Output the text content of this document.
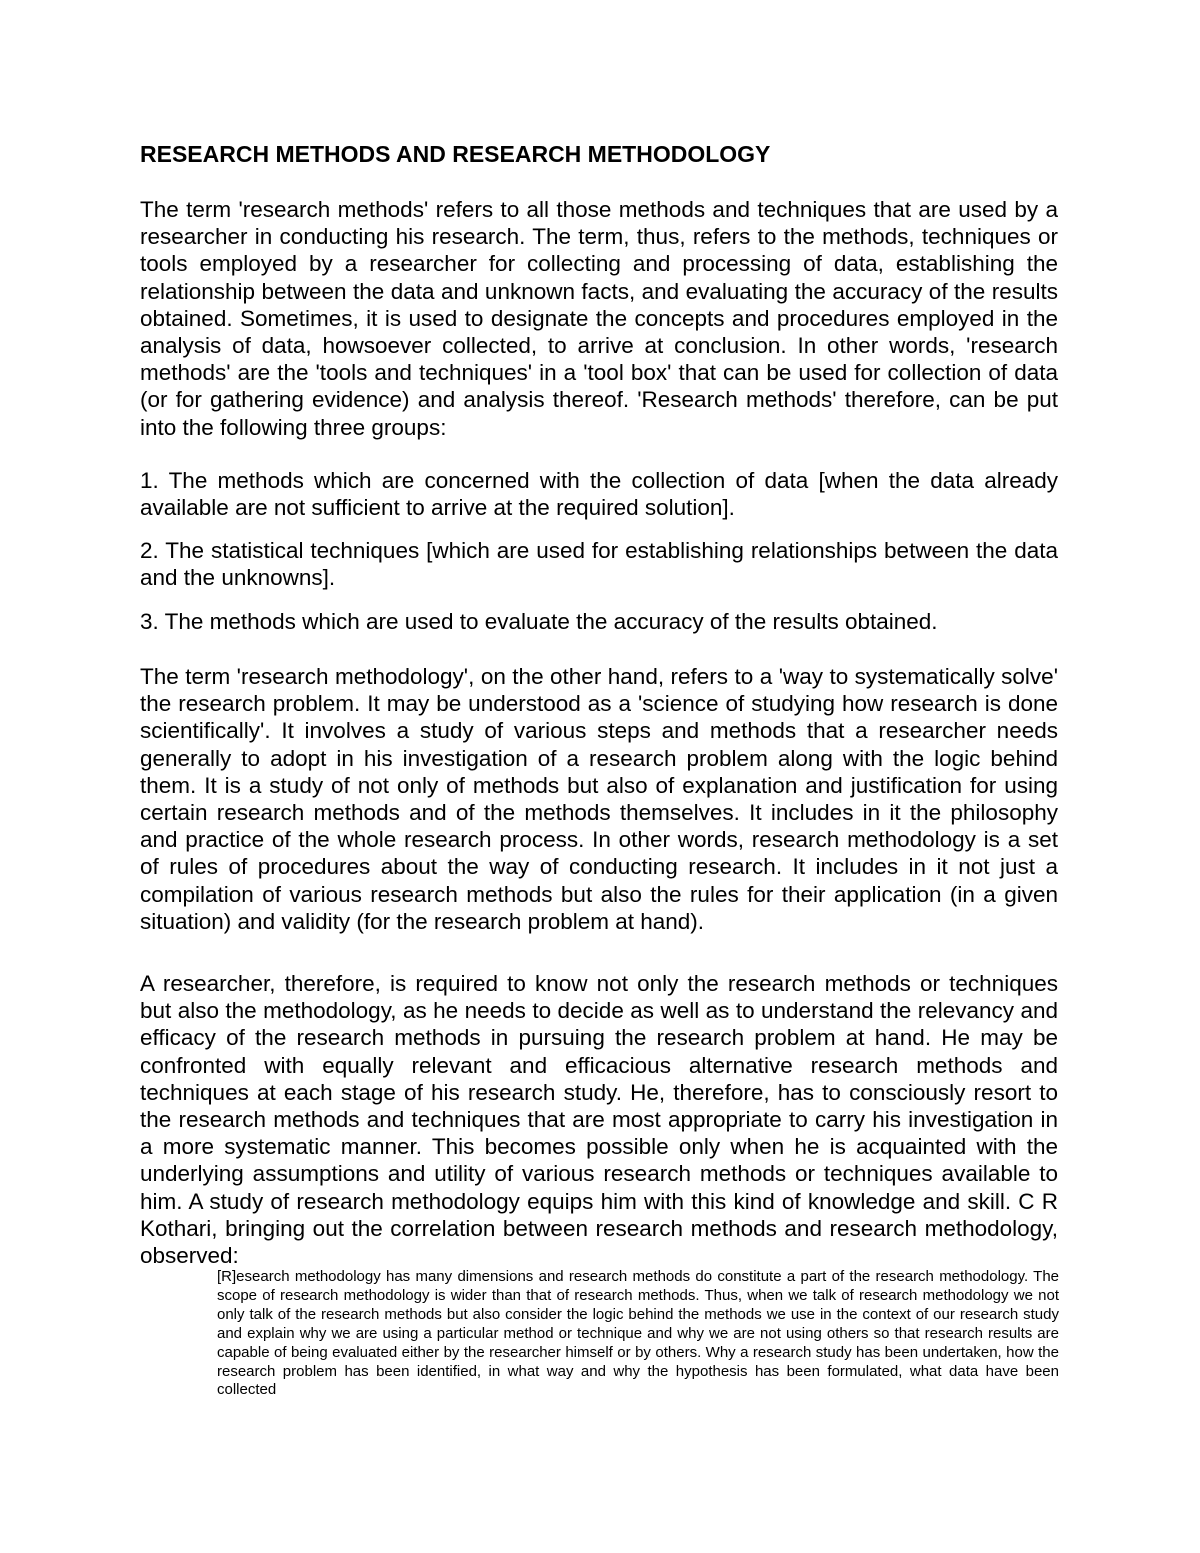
RESEARCH METHODS AND RESEARCH METHODOLOGY

The term 'research methods' refers to all those methods and techniques that are used by a researcher in conducting his research. The term, thus, refers to the methods, techniques or tools employed by a researcher for collecting and processing of data, establishing the relationship between the data and unknown facts, and evaluating the accuracy of the results obtained. Sometimes, it is used to designate the concepts and procedures employed in the analysis of data, howsoever collected, to arrive at conclusion. In other words, 'research methods' are the 'tools and techniques' in a 'tool box' that can be used for collection of data (or for gathering evidence) and analysis thereof. 'Research methods' therefore, can be put into the following three groups:

1. The methods which are concerned with the collection of data [when the data already available are not sufficient to arrive at the required solution].

2. The statistical techniques [which are used for establishing relationships between the data and the unknowns].

3. The methods which are used to evaluate the accuracy of the results obtained.

The term 'research methodology', on the other hand, refers to a 'way to systematically solve' the research problem. It may be understood as a 'science of studying how research is done scientifically'. It involves a study of various steps and methods that a researcher needs generally to adopt in his investigation of a research problem along with the logic behind them. It is a study of not only of methods but also of explanation and justification for using certain research methods and of the methods themselves. It includes in it the philosophy and practice of the whole research process. In other words, research methodology is a set of rules of procedures about the way of conducting research. It includes in it not just a compilation of various research methods but also the rules for their application (in a given situation) and validity (for the research problem at hand).

A researcher, therefore, is required to know not only the research methods or techniques but also the methodology, as he needs to decide as well as to understand the relevancy and efficacy of the research methods in pursuing the research problem at hand. He may be confronted with equally relevant and efficacious alternative research methods and techniques at each stage of his research study. He, therefore, has to consciously resort to the research methods and techniques that are most appropriate to carry his investigation in a more systematic manner. This becomes possible only when he is acquainted with the underlying assumptions and utility of various research methods or techniques available to him. A study of research methodology equips him with this kind of knowledge and skill. C R Kothari, bringing out the correlation between research methods and research methodology, observed:

[R]esearch methodology has many dimensions and research methods do constitute a part of the research methodology. The scope of research methodology is wider than that of research methods. Thus, when we talk of research methodology we not only talk of the research methods but also consider the logic behind the methods we use in the context of our research study and explain why we are using a particular method or technique and why we are not using others so that research results are capable of being evaluated either by the researcher himself or by others. Why a research study has been undertaken, how the research problem has been identified, in what way and why the hypothesis has been formulated, what data have been collected
